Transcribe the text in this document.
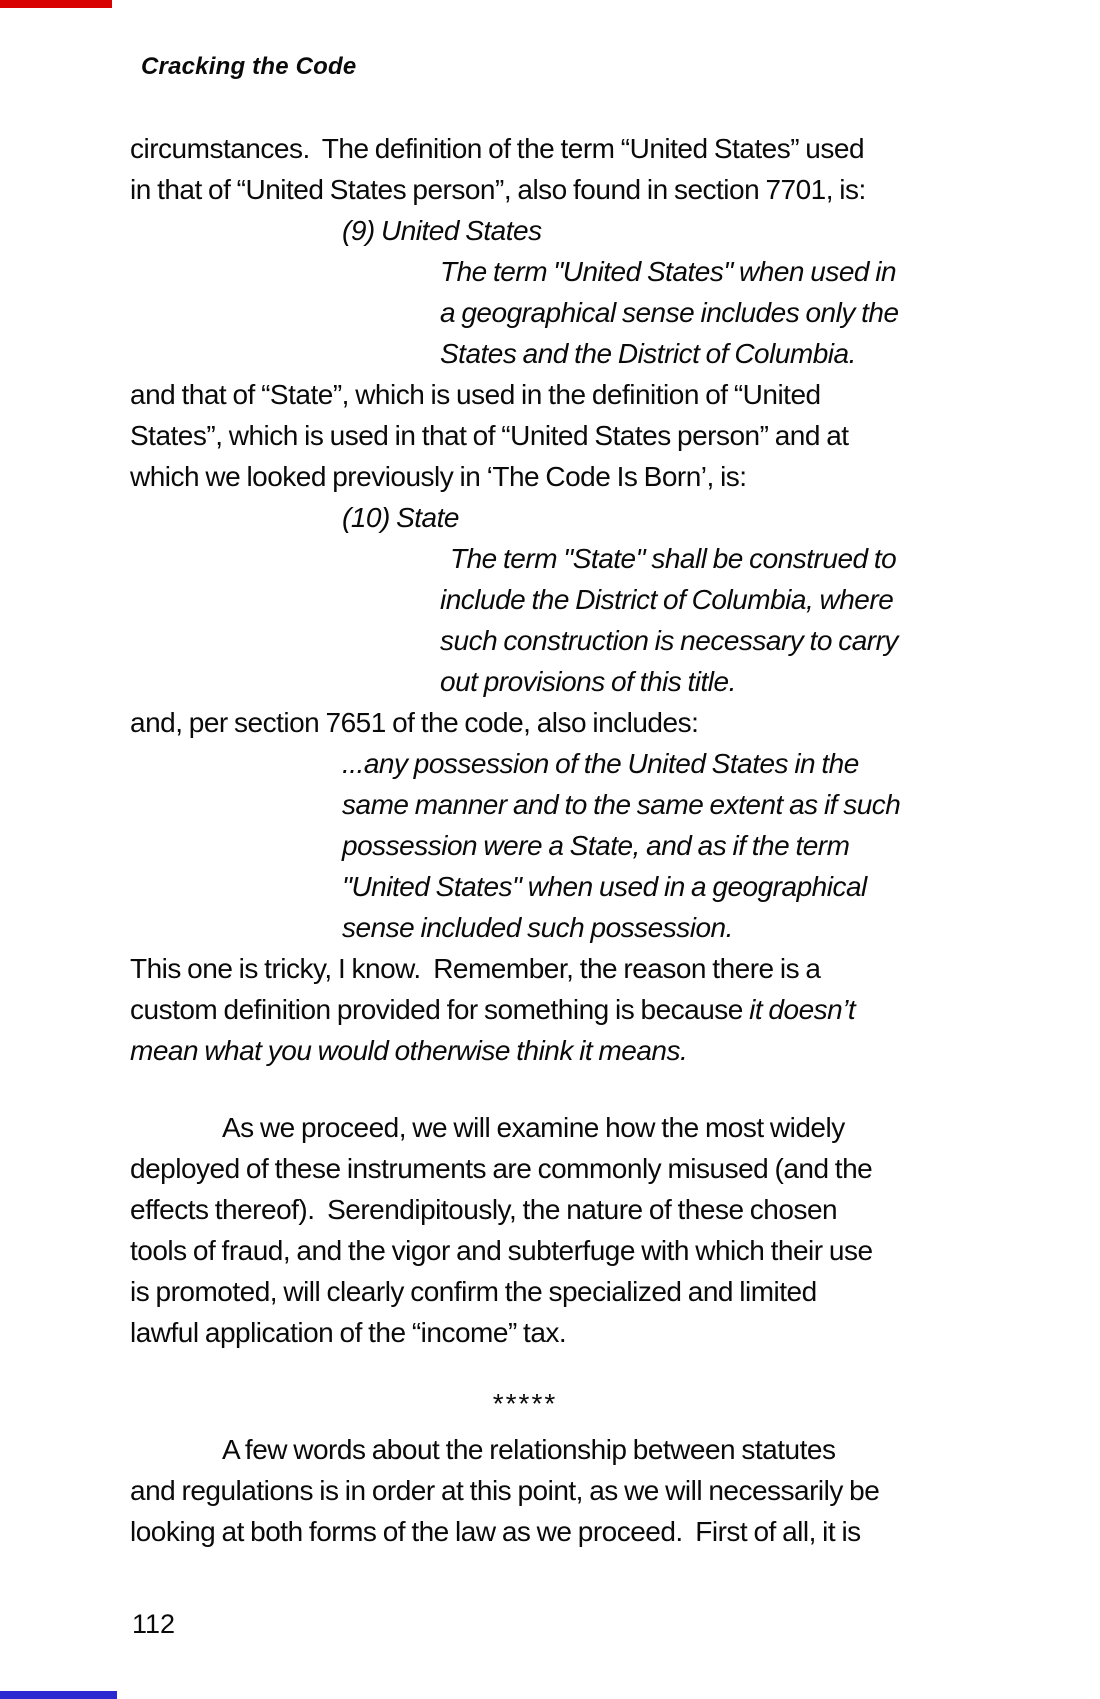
Cracking the Code
circumstances.  The definition of the term “United States” used
in that of “United States person”, also found in section 7701, is:
(9) United States
The term "United States" when used in
a geographical sense includes only the
States and the District of Columbia.
and that of “State”, which is used in the definition of “United
States”, which is used in that of “United States person” and at
which we looked previously in ‘The Code Is Born’, is:
(10) State
The term "State" shall be construed to
include the District of Columbia, where
such construction is necessary to carry
out provisions of this title.
and, per section 7651 of the code, also includes:
...any possession of the United States in the
same manner and to the same extent as if such
possession were a State, and as if the term
"United States" when used in a geographical
sense included such possession.
This one is tricky, I know.  Remember, the reason there is a
custom definition provided for something is because it doesn’t
mean what you would otherwise think it means.
As we proceed, we will examine how the most widely
deployed of these instruments are commonly misused (and the
effects thereof).  Serendipitously, the nature of these chosen
tools of fraud, and the vigor and subterfuge with which their use
is promoted, will clearly confirm the specialized and limited
lawful application of the “income” tax.
*****
A few words about the relationship between statutes
and regulations is in order at this point, as we will necessarily be
looking at both forms of the law as we proceed.  First of all, it is
112
